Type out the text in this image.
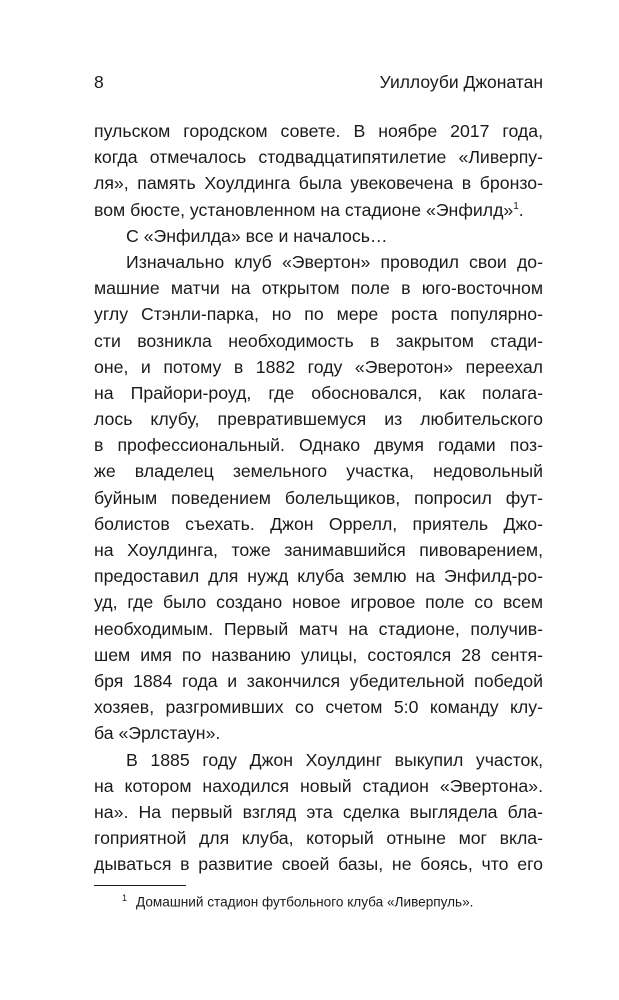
8	Уиллоуби Джонатан
пульском городском совете. В ноябре 2017 года,
когда отмечалось стодвадцатипятилетие «Ливерпу-
ля», память Хоулдинга была увековечена в бронзо-
вом бюсте, установленном на стадионе «Энфилд»$^1$.
С «Энфилда» все и началось…
Изначально клуб «Эвертон» проводил свои до-
машние матчи на открытом поле в юго-восточном
углу Стэнли-парка, но по мере роста популярно-
сти возникла необходимость в закрытом стади-
оне, и потому в 1882 году «Эверотон» переехал
на Прайори-роуд, где обосновался, как полага-
лось клубу, превратившемуся из любительского
в профессиональный. Однако двумя годами поз-
же владелец земельного участка, недовольный
буйным поведением болельщиков, попросил фут-
болистов съехать. Джон Оррелл, приятель Джо-
на Хоулдинга, тоже занимавшийся пивоварением,
предоставил для нужд клуба землю на Энфилд-ро-
уд, где было создано новое игровое поле со всем
необходимым. Первый матч на стадионе, получив-
шем имя по названию улицы, состоялся 28 сентя-
бря 1884 года и закончился убедительной победой
хозяев, разгромивших со счетом 5:0 команду клу-
ба «Эрлстаун».
В 1885 году Джон Хоулдинг выкупил участок,
на котором находился новый стадион «Эвертона».
на». На первый взгляд эта сделка выглядела бла-
гоприятной для клуба, который отныне мог вкла-
дываться в развитие своей базы, не боясь, что его
$^1$ Домашний стадион футбольного клуба «Ливерпуль».
